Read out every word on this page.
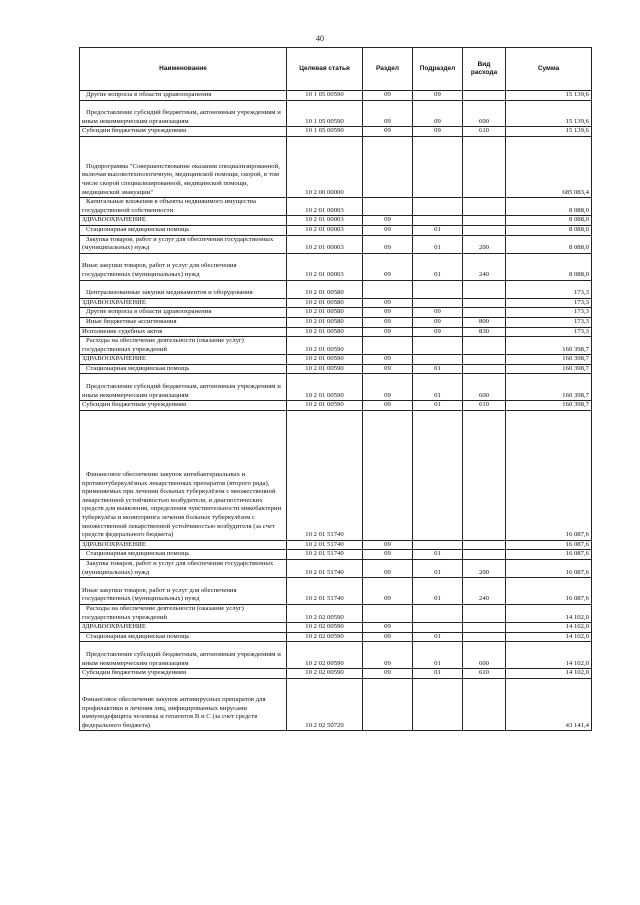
40
Наименование	Целевая статья	Раздел	Подраздел	Вид расхода	Сумма
Другие вопросы в области здравоохранения	10 1 05 00590	09	09		15 139,6
Предоставление субсидий бюджетным, автономным учреждениям и иным некоммерческим организациям	10 1 05 00590	09	09	600	15 139,6
Субсидии бюджетным учреждениям	10 1 05 00590	09	09	610	15 139,6
Подпрограмма "Совершенствование оказания специализированной, включая высокотехнологичную, медицинской помощи, скорой, в том числе скорой специализированной, медицинской помощи, медицинской эвакуации"	10 2 00 00000				685 083,4
Капитальные вложения в объекты недвижимого имущества государственной собственности	10 2 01 00003				8 088,0
ЗДРАВООХРАНЕНИЕ	10 2 01 00003	09			8 088,0
Стационарная медицинская помощь	10 2 01 00003	09	01		8 088,0
Закупка товаров, работ и услуг для обеспечения государственных (муниципальных) нужд	10 2 01 00003	09	01	200	8 088,0
Иные закупки товаров, работ и услуг для обеспечения государственных (муниципальных) нужд	10 2 01 00003	09	01	240	8 088,0
Централизованные закупки медикаментов и оборудования	10 2 01 00580				173,3
ЗДРАВООХРАНЕНИЕ	10 2 01 00580	09			173,3
Другие вопросы в области здравоохранения	10 2 01 00580	09	09		173,3
Иные бюджетные ассигнования	10 2 01 00580	09	09	800	173,3
Исполнение судебных актов	10 2 01 00580	09	09	830	173,3
Расходы на обеспечение деятельности (оказание услуг) государственных учреждений	10 2 01 00590				160 398,7
ЗДРАВООХРАНЕНИЕ	10 2 01 00590	09			160 398,7
Стационарная медицинская помощь	10 2 01 00590	09	01		160 398,7
Предоставление субсидий бюджетным, автономным учреждениям и иным некоммерческим организациям	10 2 01 00590	09	01	600	160 398,7
Субсидии бюджетным учреждениям	10 2 01 00590	09	01	610	160 398,7
Финансовое обеспечение закупок антибактериальных и противотуберкулёзных лекарственных препаратов (второго ряда), применяемых при лечении больных туберкулёзом с множественной лекарственной устойчивостью возбудителя, и диагностических средств для выявления, определения чувствительности микобактерии туберкулёза и мониторинга лечения больных туберкулёзом с множественной лекарственной устойчивостью возбудителя (за счет средств федерального бюджета)	10 2 01 51740				16 087,6
ЗДРАВООХРАНЕНИЕ	10 2 01 51740	09			16 087,6
Стационарная медицинская помощь	10 2 01 51740	09	01		16 087,6
Закупка товаров, работ и услуг для обеспечения государственных (муниципальных) нужд	10 2 01 51740	09	01	200	16 087,6
Иные закупки товаров, работ и услуг для обеспечения государственных (муниципальных) нужд	10 2 01 51740	09	01	240	16 087,6
Расходы на обеспечение деятельности (оказание услуг) государственных учреждений	10 2 02 00590				14 102,0
ЗДРАВООХРАНЕНИЕ	10 2 02 00590	09			14 102,0
Стационарная медицинская помощь	10 2 02 00590	09	01		14 102,0
Предоставление субсидий бюджетным, автономным учреждениям и иным некоммерческим организациям	10 2 02 00590	09	01	600	14 102,0
Субсидии бюджетным учреждениям	10 2 02 00590	09	01	610	14 102,0
Финансовое обеспечение закупок антивирусных препаратов для профилактики и лечения лиц, инфицированных вирусами иммунодефицита человека и гепатитов B и C (за счет средств федерального бюджета)	10 2 02 50720				43 141,4
